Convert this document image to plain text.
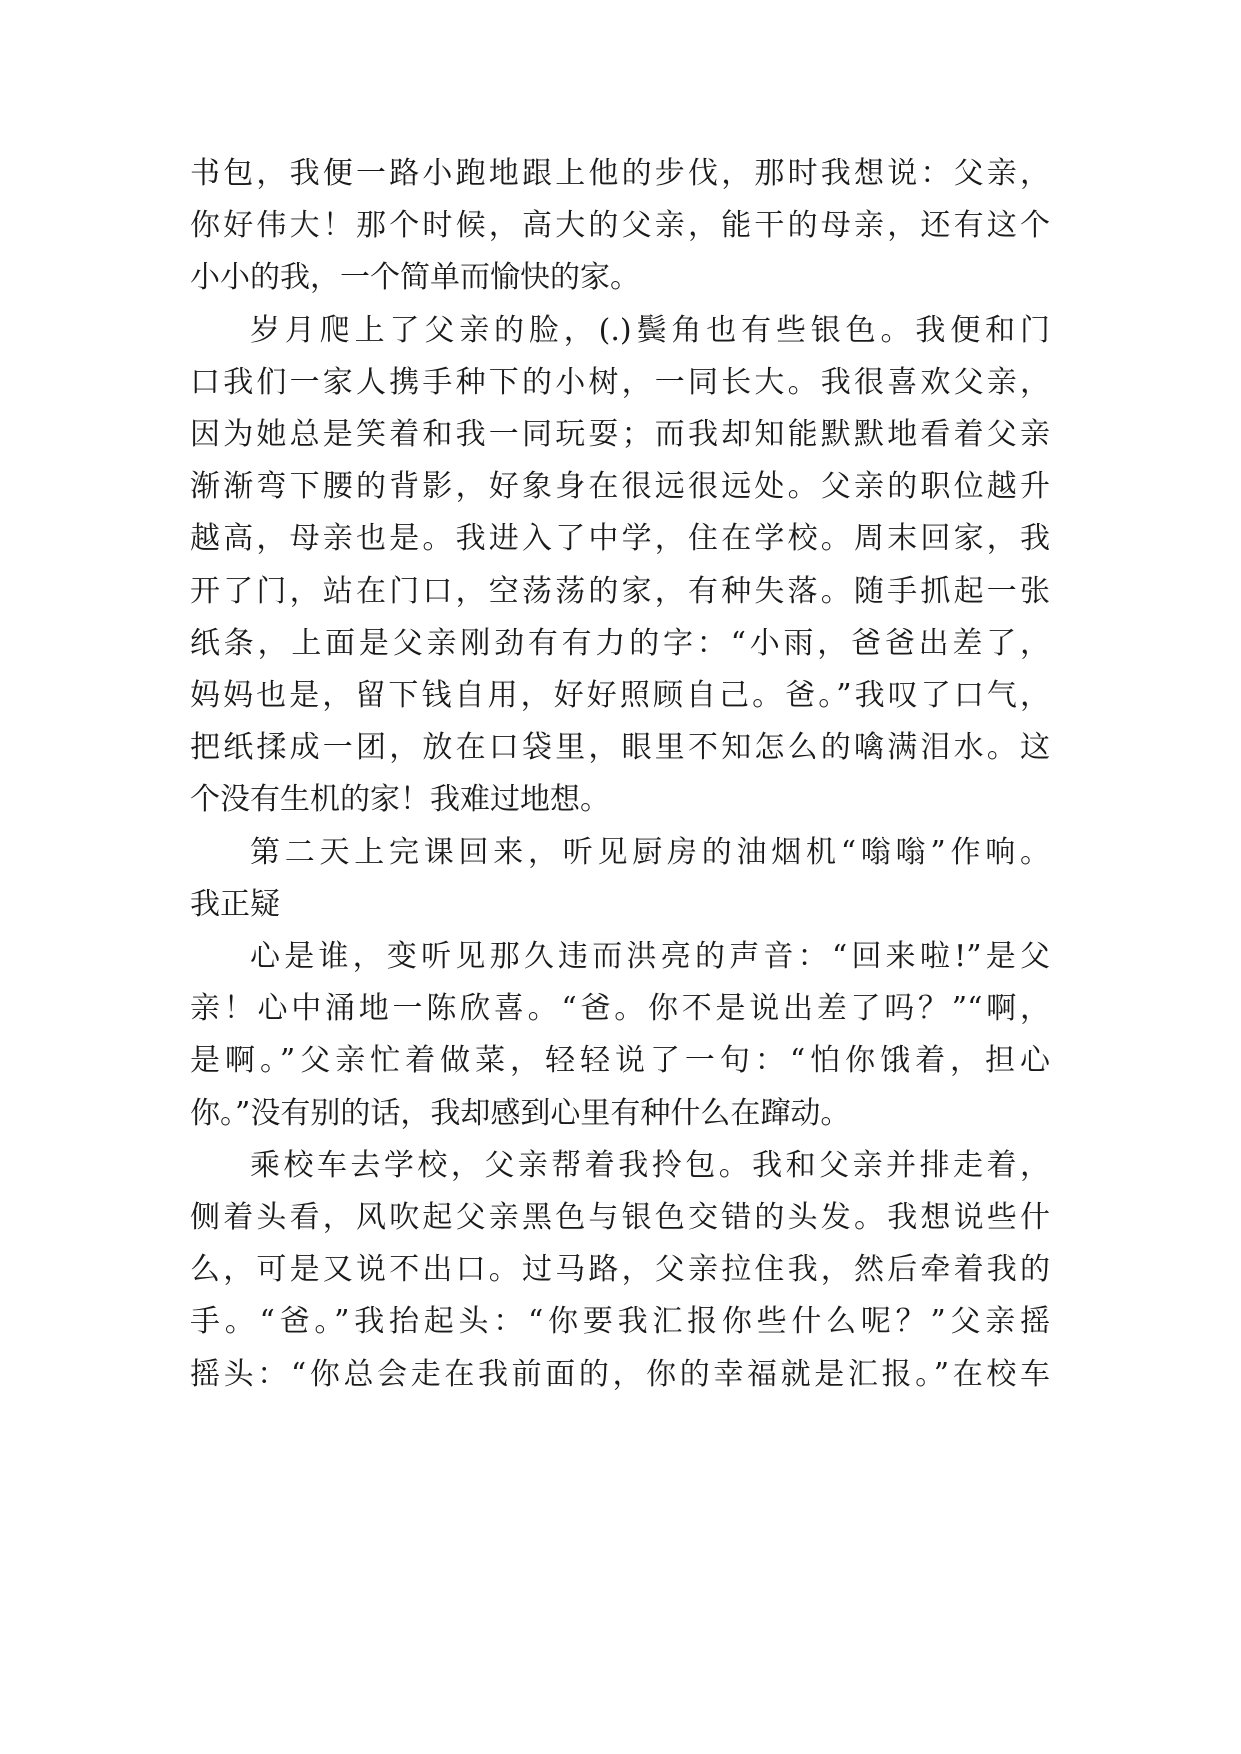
书包，我便一路小跑地跟上他的步伐，那时我想说：父亲，
你好伟大！那个时候，高大的父亲，能干的母亲，还有这个
小小的我，一个简单而愉快的家。
岁月爬上了父亲的脸，(.)鬓角也有些银色。我便和门
口我们一家人携手种下的小树，一同长大。我很喜欢父亲，
因为她总是笑着和我一同玩耍；而我却知能默默地看着父亲
渐渐弯下腰的背影，好象身在很远很远处。父亲的职位越升
越高，母亲也是。我进入了中学，住在学校。周末回家，我
开了门，站在门口，空荡荡的家，有种失落。随手抓起一张
纸条，上面是父亲刚劲有有力的字：“小雨，爸爸出差了，
妈妈也是，留下钱自用，好好照顾自己。爸。”我叹了口气，
把纸揉成一团，放在口袋里，眼里不知怎么的噙满泪水。这
个没有生机的家！我难过地想。
第二天上完课回来，听见厨房的油烟机“嗡嗡”作响。
我正疑
心是谁，变听见那久违而洪亮的声音：“回来啦!”是父
亲！心中涌地一陈欣喜。“爸。你不是说出差了吗？”“啊，
是啊。”父亲忙着做菜，轻轻说了一句：“怕你饿着，担心
你。”没有别的话，我却感到心里有种什么在蹿动。
乘校车去学校，父亲帮着我拎包。我和父亲并排走着，
侧着头看，风吹起父亲黑色与银色交错的头发。我想说些什
么，可是又说不出口。过马路，父亲拉住我，然后牵着我的
手。“爸。”我抬起头：“你要我汇报你些什么呢？”父亲摇
摇头：“你总会走在我前面的，你的幸福就是汇报。”在校车
